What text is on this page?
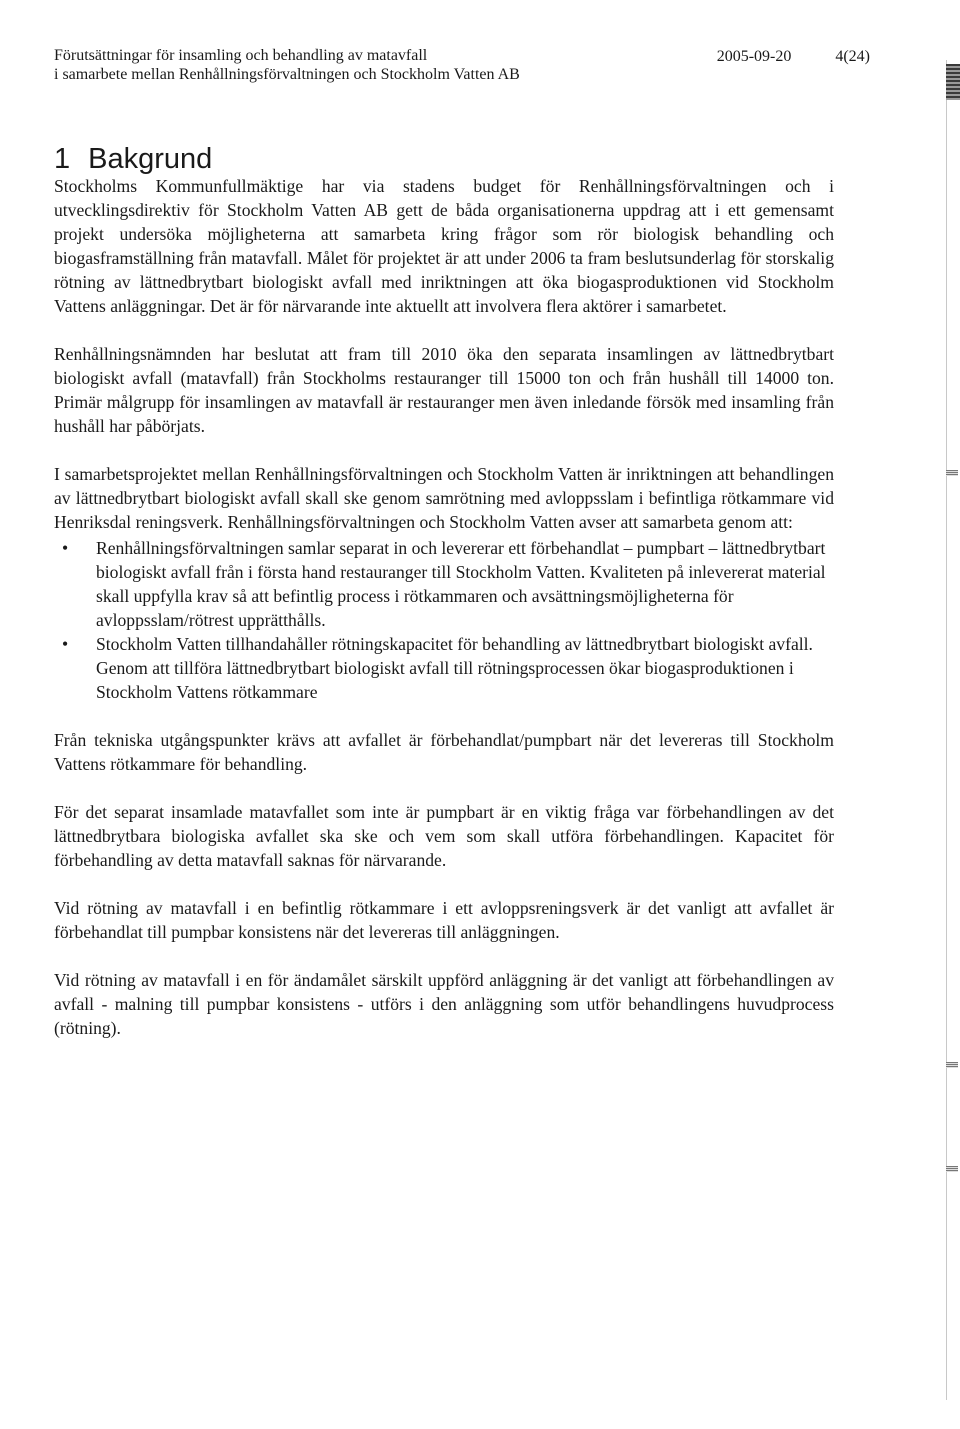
Förutsättningar för insamling och behandling av matavfall
i samarbete mellan Renhållningsförvaltningen och Stockholm Vatten AB
2005-09-20	4(24)
1 Bakgrund

Stockholms Kommunfullmäktige har via stadens budget för Renhållningsförvaltningen och i utvecklingsdirektiv för Stockholm Vatten AB gett de båda organisationerna uppdrag att i ett gemensamt projekt undersöka möjligheterna att samarbeta kring frågor som rör biologisk behandling och biogasframställning från matavfall. Målet för projektet är att under 2006 ta fram beslutsunderlag för storskalig rötning av lättnedbrytbart biologiskt avfall med inriktningen att öka biogasproduktionen vid Stockholm Vattens anläggningar. Det är för närvarande inte aktuellt att involvera flera aktörer i samarbetet.

Renhållningsnämnden har beslutat att fram till 2010 öka den separata insamlingen av lättnedbrytbart biologiskt avfall (matavfall) från Stockholms restauranger till 15000 ton och från hushåll till 14000 ton. Primär målgrupp för insamlingen av matavfall är restauranger men även inledande försök med insamling från hushåll har påbörjats.

I samarbetsprojektet mellan Renhållningsförvaltningen och Stockholm Vatten är inriktningen att behandlingen av lättnedbrytbart biologiskt avfall skall ske genom samrötning med avloppsslam i befintliga rötkammare vid Henriksdal reningsverk. Renhållningsförvaltningen och Stockholm Vatten avser att samarbeta genom att:

• Renhållningsförvaltningen samlar separat in och levererar ett förbehandlat – pumpbart – lättnedbrytbart biologiskt avfall från i första hand restauranger till Stockholm Vatten. Kvaliteten på inlevererat material skall uppfylla krav så att befintlig process i rötkammaren och avsättningsmöjligheterna för avloppsslam/rötrest upprätthålls.
• Stockholm Vatten tillhandahåller rötningskapacitet för behandling av lättnedbrytbart biologiskt avfall. Genom att tillföra lättnedbrytbart biologiskt avfall till rötningsprocessen ökar biogasproduktionen i Stockholm Vattens rötkammare

Från tekniska utgångspunkter krävs att avfallet är förbehandlat/pumpbart när det levereras till Stockholm Vattens rötkammare för behandling.

För det separat insamlade matavfallet som inte är pumpbart är en viktig fråga var förbehandlingen av det lättnedbrytbara biologiska avfallet ska ske och vem som skall utföra förbehandlingen. Kapacitet för förbehandling av detta matavfall saknas för närvarande.

Vid rötning av matavfall i en befintlig rötkammare i ett avloppsreningsverk är det vanligt att avfallet är förbehandlat till pumpbar konsistens när det levereras till anläggningen.

Vid rötning av matavfall i en för ändamålet särskilt uppförd anläggning är det vanligt att förbehandlingen av avfall - malning till pumpbar konsistens - utförs i den anläggning som utför behandlingens huvudprocess (rötning).
